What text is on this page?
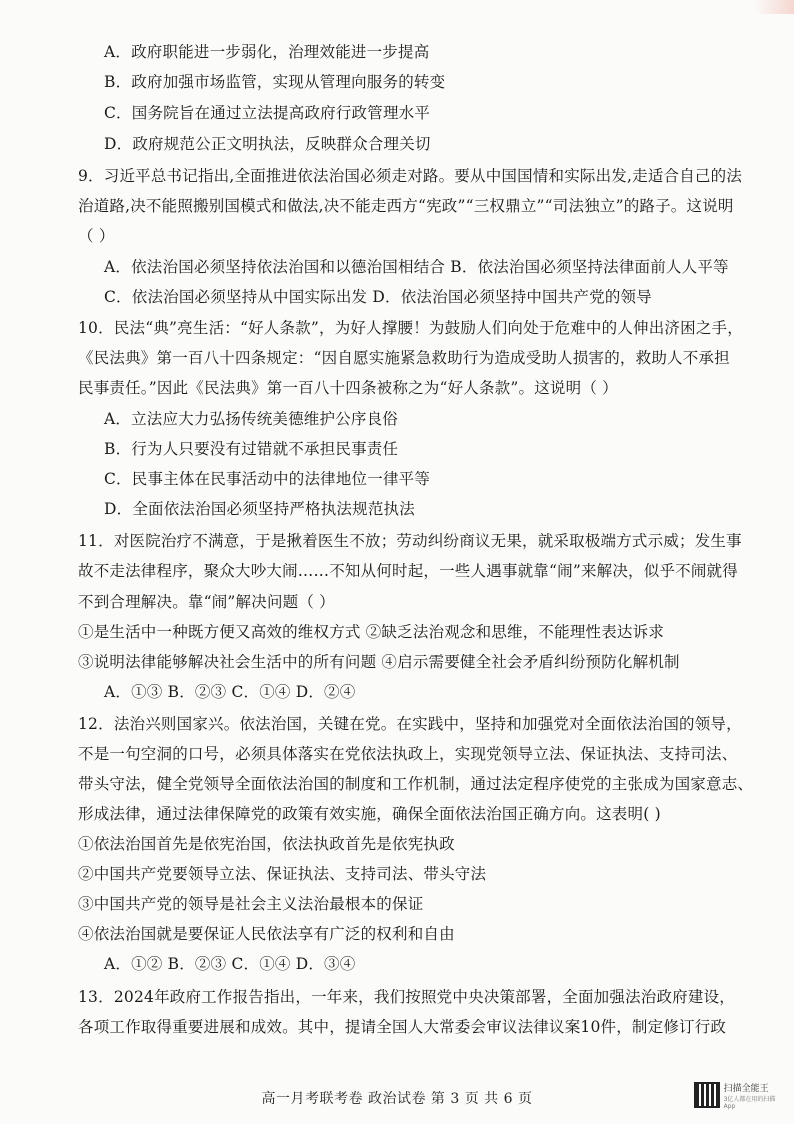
A．政府职能进一步弱化，治理效能进一步提高
B．政府加强市场监管，实现从管理向服务的转变
C．国务院旨在通过立法提高政府行政管理水平
D．政府规范公正文明执法，反映群众合理关切
9．习近平总书记指出,全面推进依法治国必须走对路。要从中国国情和实际出发,走适合自己的法
治道路,决不能照搬别国模式和做法,决不能走西方“宪政”“三权鼎立”“司法独立”的路子。这说明
（ ）
A．依法治国必须坚持依法治国和以德治国相结合 B．依法治国必须坚持法律面前人人平等
C．依法治国必须坚持从中国实际出发 D．依法治国必须坚持中国共产党的领导
10．民法“典”亮生活：“好人条款”，为好人撑腰！为鼓励人们向处于危难中的人伸出济困之手，
《民法典》第一百八十四条规定：“因自愿实施紧急救助行为造成受助人损害的，救助人不承担
民事责任。”因此《民法典》第一百八十四条被称之为“好人条款”。这说明（ ）
A．立法应大力弘扬传统美德维护公序良俗
B．行为人只要没有过错就不承担民事责任
C．民事主体在民事活动中的法律地位一律平等
D．全面依法治国必须坚持严格执法规范执法
11．对医院治疗不满意，于是揪着医生不放；劳动纠纷商议无果，就采取极端方式示威；发生事
故不走法律程序，聚众大吵大闹……不知从何时起，一些人遇事就靠“闹”来解决，似乎不闹就得
不到合理解决。靠“闹”解决问题（ ）
①是生活中一种既方便又高效的维权方式 ②缺乏法治观念和思维，不能理性表达诉求
③说明法律能够解决社会生活中的所有问题 ④启示需要健全社会矛盾纠纷预防化解机制
A．①③ B．②③ C．①④ D．②④
12．法治兴则国家兴。依法治国，关键在党。在实践中，坚持和加强党对全面依法治国的领导，
不是一句空洞的口号，必须具体落实在党依法执政上，实现党领导立法、保证执法、支持司法、
带头守法，健全党领导全面依法治国的制度和工作机制，通过法定程序使党的主张成为国家意志、
形成法律，通过法律保障党的政策有效实施，确保全面依法治国正确方向。这表明( )
①依法治国首先是依宪治国，依法执政首先是依宪执政
②中国共产党要领导立法、保证执法、支持司法、带头守法
③中国共产党的领导是社会主义法治最根本的保证
④依法治国就是要保证人民依法享有广泛的权利和自由
A．①② B．②③ C．①④ D．③④
13．2024年政府工作报告指出，一年来，我们按照党中央决策部署，全面加强法治政府建设，
各项工作取得重要进展和成效。其中，提请全国人大常委会审议法律议案10件，制定修订行政
高一月考联考卷 政治试卷 第 3 页 共 6 页
扫描全能王
3亿人都在用的扫描App
